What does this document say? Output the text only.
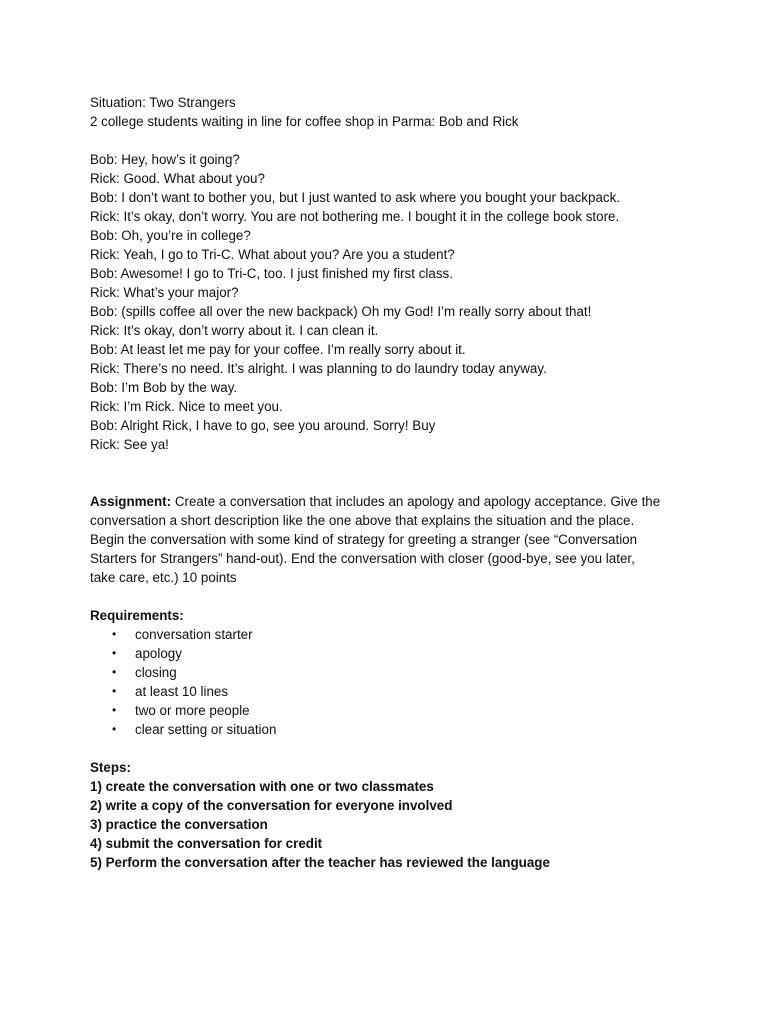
Situation: Two Strangers

2 college students waiting in line for coffee shop in Parma: Bob and Rick

Bob: Hey, how’s it going?

Rick: Good. What about you?

Bob: I don’t want to bother you, but I just wanted to ask where you bought your backpack.

Rick: It’s okay, don’t worry. You are not bothering me. I bought it in the college book store.

Bob: Oh, you’re in college?

Rick: Yeah, I go to Tri-C. What about you? Are you a student?

Bob: Awesome! I go to Tri-C, too. I just finished my first class.

Rick: What’s your major?

Bob: (spills coffee all over the new backpack) Oh my God! I’m really sorry about that!

Rick: It’s okay, don’t worry about it. I can clean it.

Bob: At least let me pay for your coffee. I’m really sorry about it.

Rick: There’s no need. It’s alright. I was planning to do laundry today anyway.

Bob: I’m Bob by the way.

Rick: I’m Rick. Nice to meet you.

Bob: Alright Rick, I have to go, see you around. Sorry! Buy

Rick: See ya!

Assignment: Create a conversation that includes an apology and apology acceptance. Give the

conversation a short description like the one above that explains the situation and the place.

Begin the conversation with some kind of strategy for greeting a stranger (see “Conversation

Starters for Strangers” hand-out). End the conversation with closer (good-bye, see you later,

take care, etc.) 10 points

Requirements:

• conversation starter
• apology
• closing
• at least 10 lines
• two or more people
• clear setting or situation

Steps:

1) create the conversation with one or two classmates
2) write a copy of the conversation for everyone involved
3) practice the conversation
4) submit the conversation for credit
5) Perform the conversation after the teacher has reviewed the language
